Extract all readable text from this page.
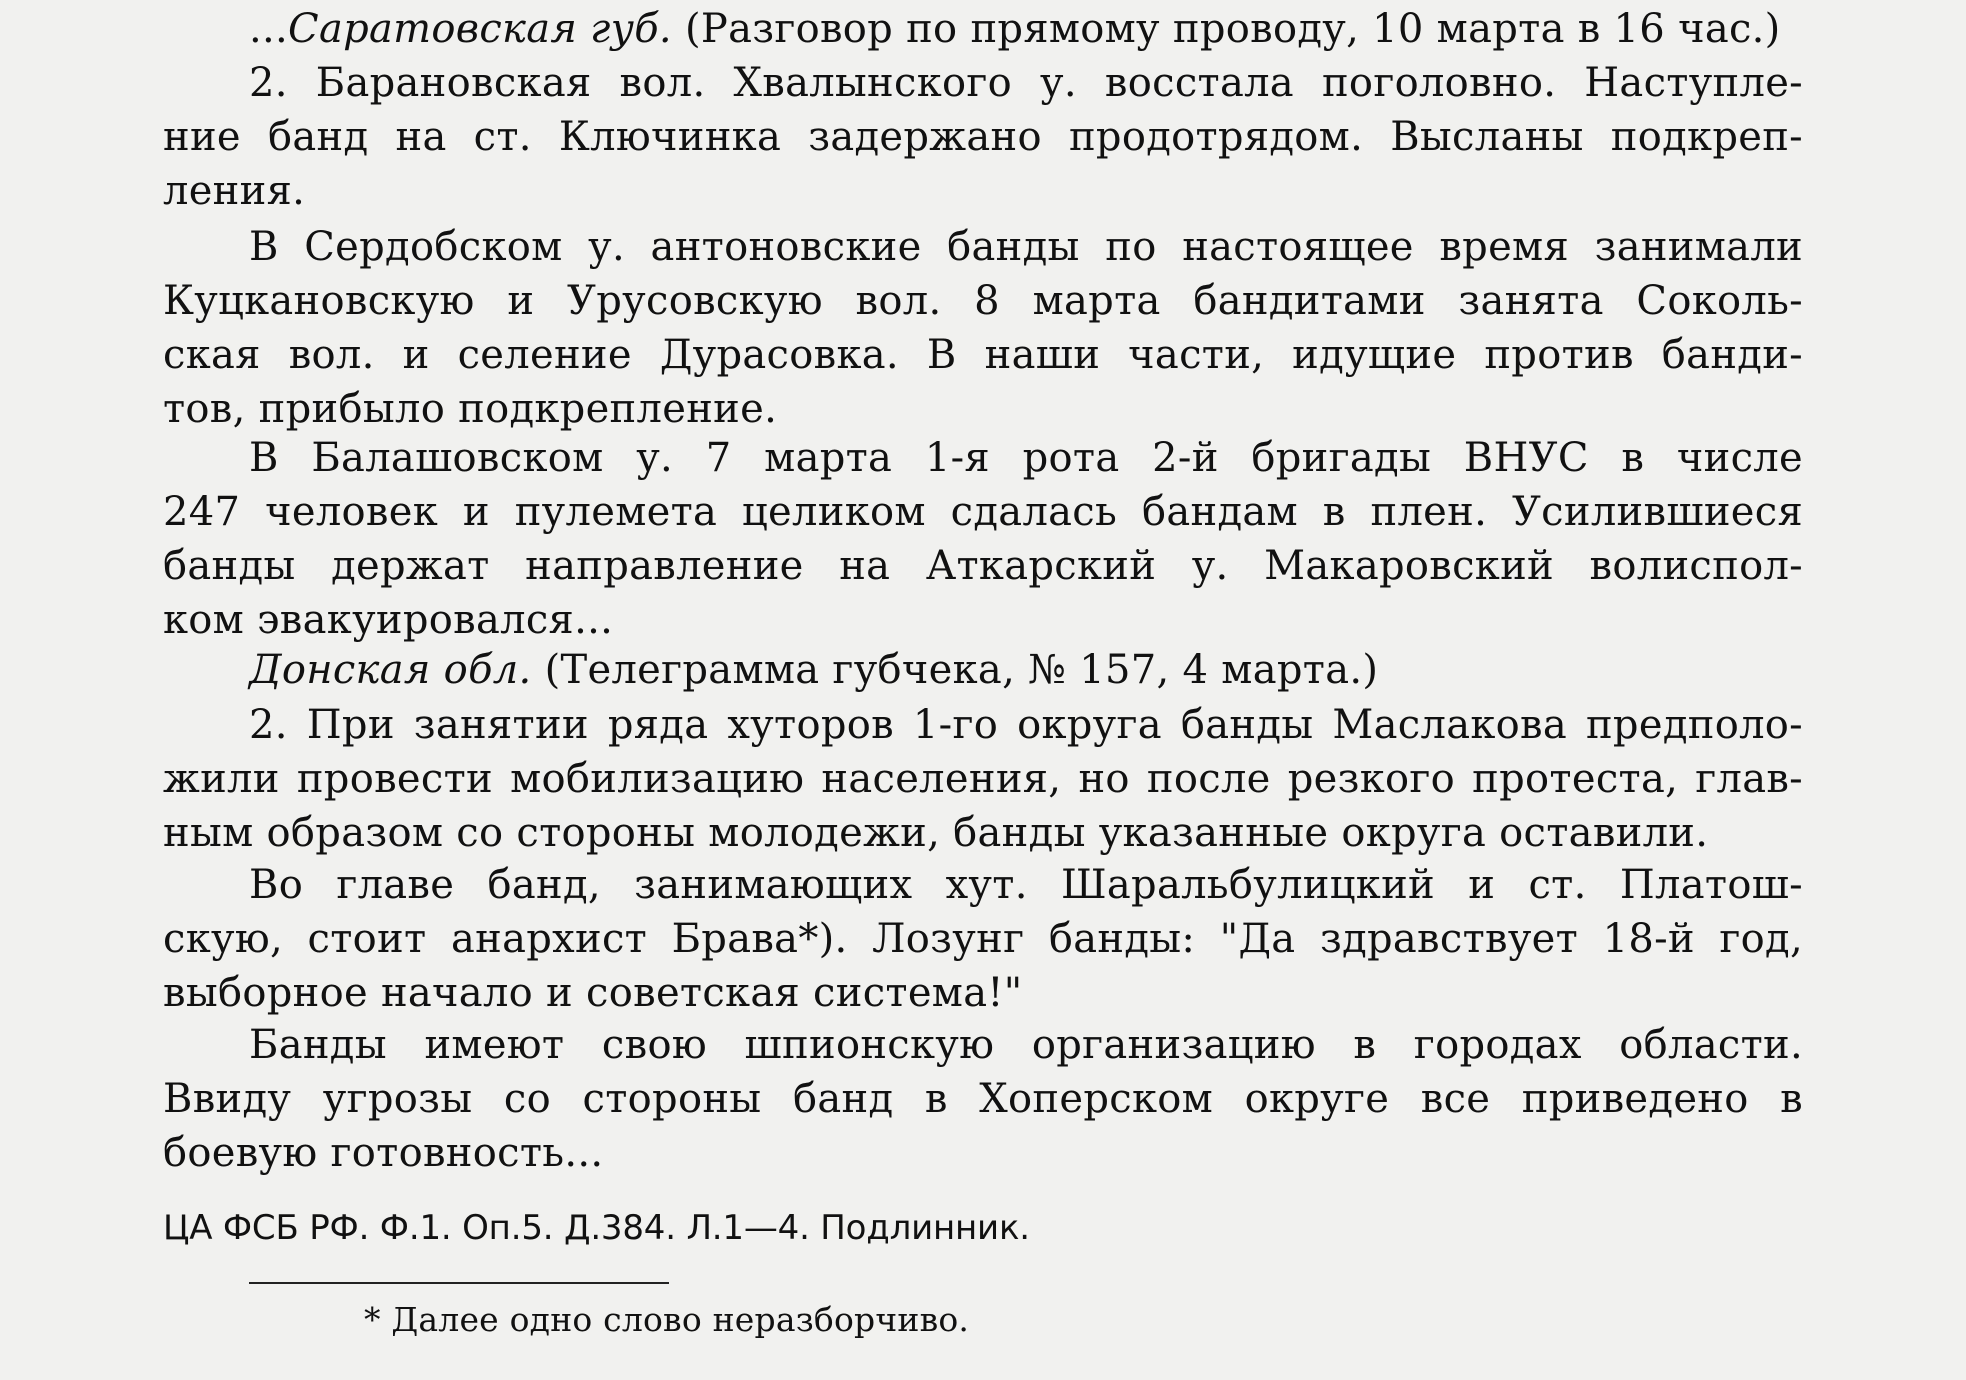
...Саратовская губ. (Разговор по прямому проводу, 10 марта в 16 час.)

2. Барановская вол. Хвалынского у. восстала поголовно. Наступле-
ние банд на ст. Ключинка задержано продотрядом. Высланы подкреп-
ления.

В Сердобском у. антоновские банды по настоящее время занимали
Куцкановскую и Урусовскую вол. 8 марта бандитами занята Соколь-
ская вол. и селение Дурасовка. В наши части, идущие против банди-
тов, прибыло подкрепление.

В Балашовском у. 7 марта 1-я рота 2-й бригады ВНУС в числе
247 человек и пулемета целиком сдалась бандам в плен. Усилившиеся
банды держат направление на Аткарский у. Макаровский волиспол-
ком эвакуировался...

Донская обл. (Телеграмма губчека, № 157, 4 марта.)

2. При занятии ряда хуторов 1-го округа банды Маслакова предполо-
жили провести мобилизацию населения, но после резкого протеста, глав-
ным образом со стороны молодежи, банды указанные округа оставили.

Во главе банд, занимающих хут. Шаральбулицкий и ст. Платош-
скую, стоит анархист Брава*). Лозунг банды: "Да здравствует 18-й год,
выборное начало и советская система!"

Банды имеют свою шпионскую организацию в городах области.
Ввиду угрозы со стороны банд в Хоперском округе все приведено в
боевую готовность...

ЦА ФСБ РФ. Ф.1. Оп.5. Д.384. Л.1—4. Подлинник.

* Далее одно слово неразборчиво.
